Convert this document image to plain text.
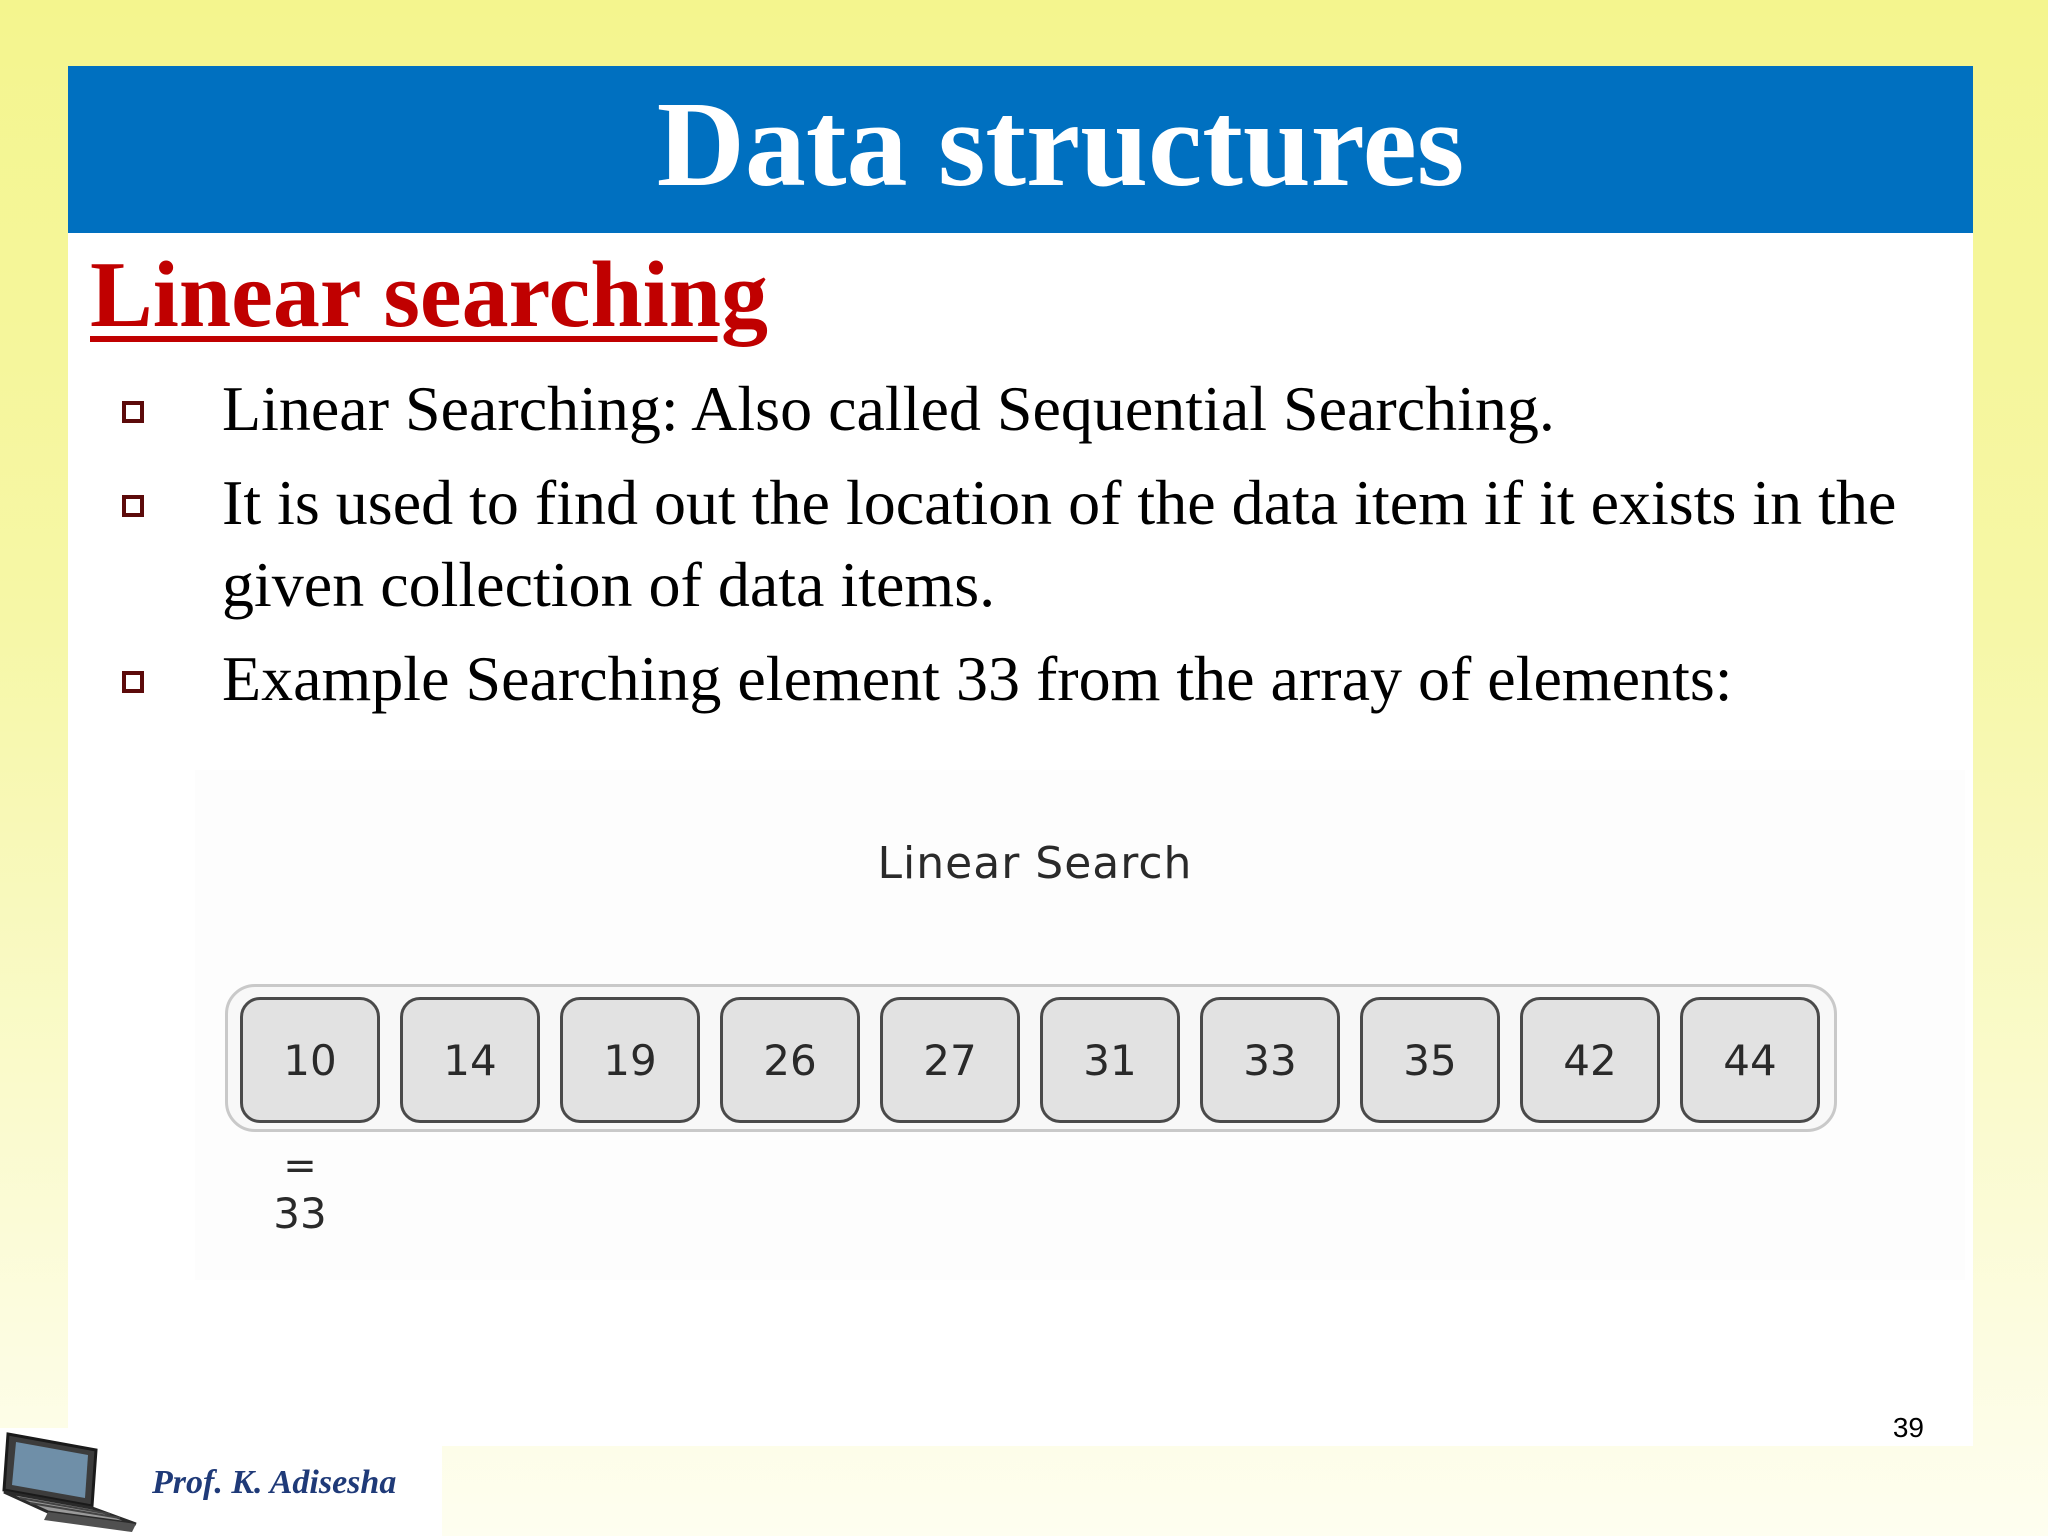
Data structures
Linear searching
Linear Searching: Also called Sequential Searching.
It is used to find out the location of the data item if it exists in the given collection of data items.
Example Searching element 33 from the array of elements:
Linear Search
10	14	19	26	27	31	33	35	42	44
=
33
39
Prof. K. Adisesha
